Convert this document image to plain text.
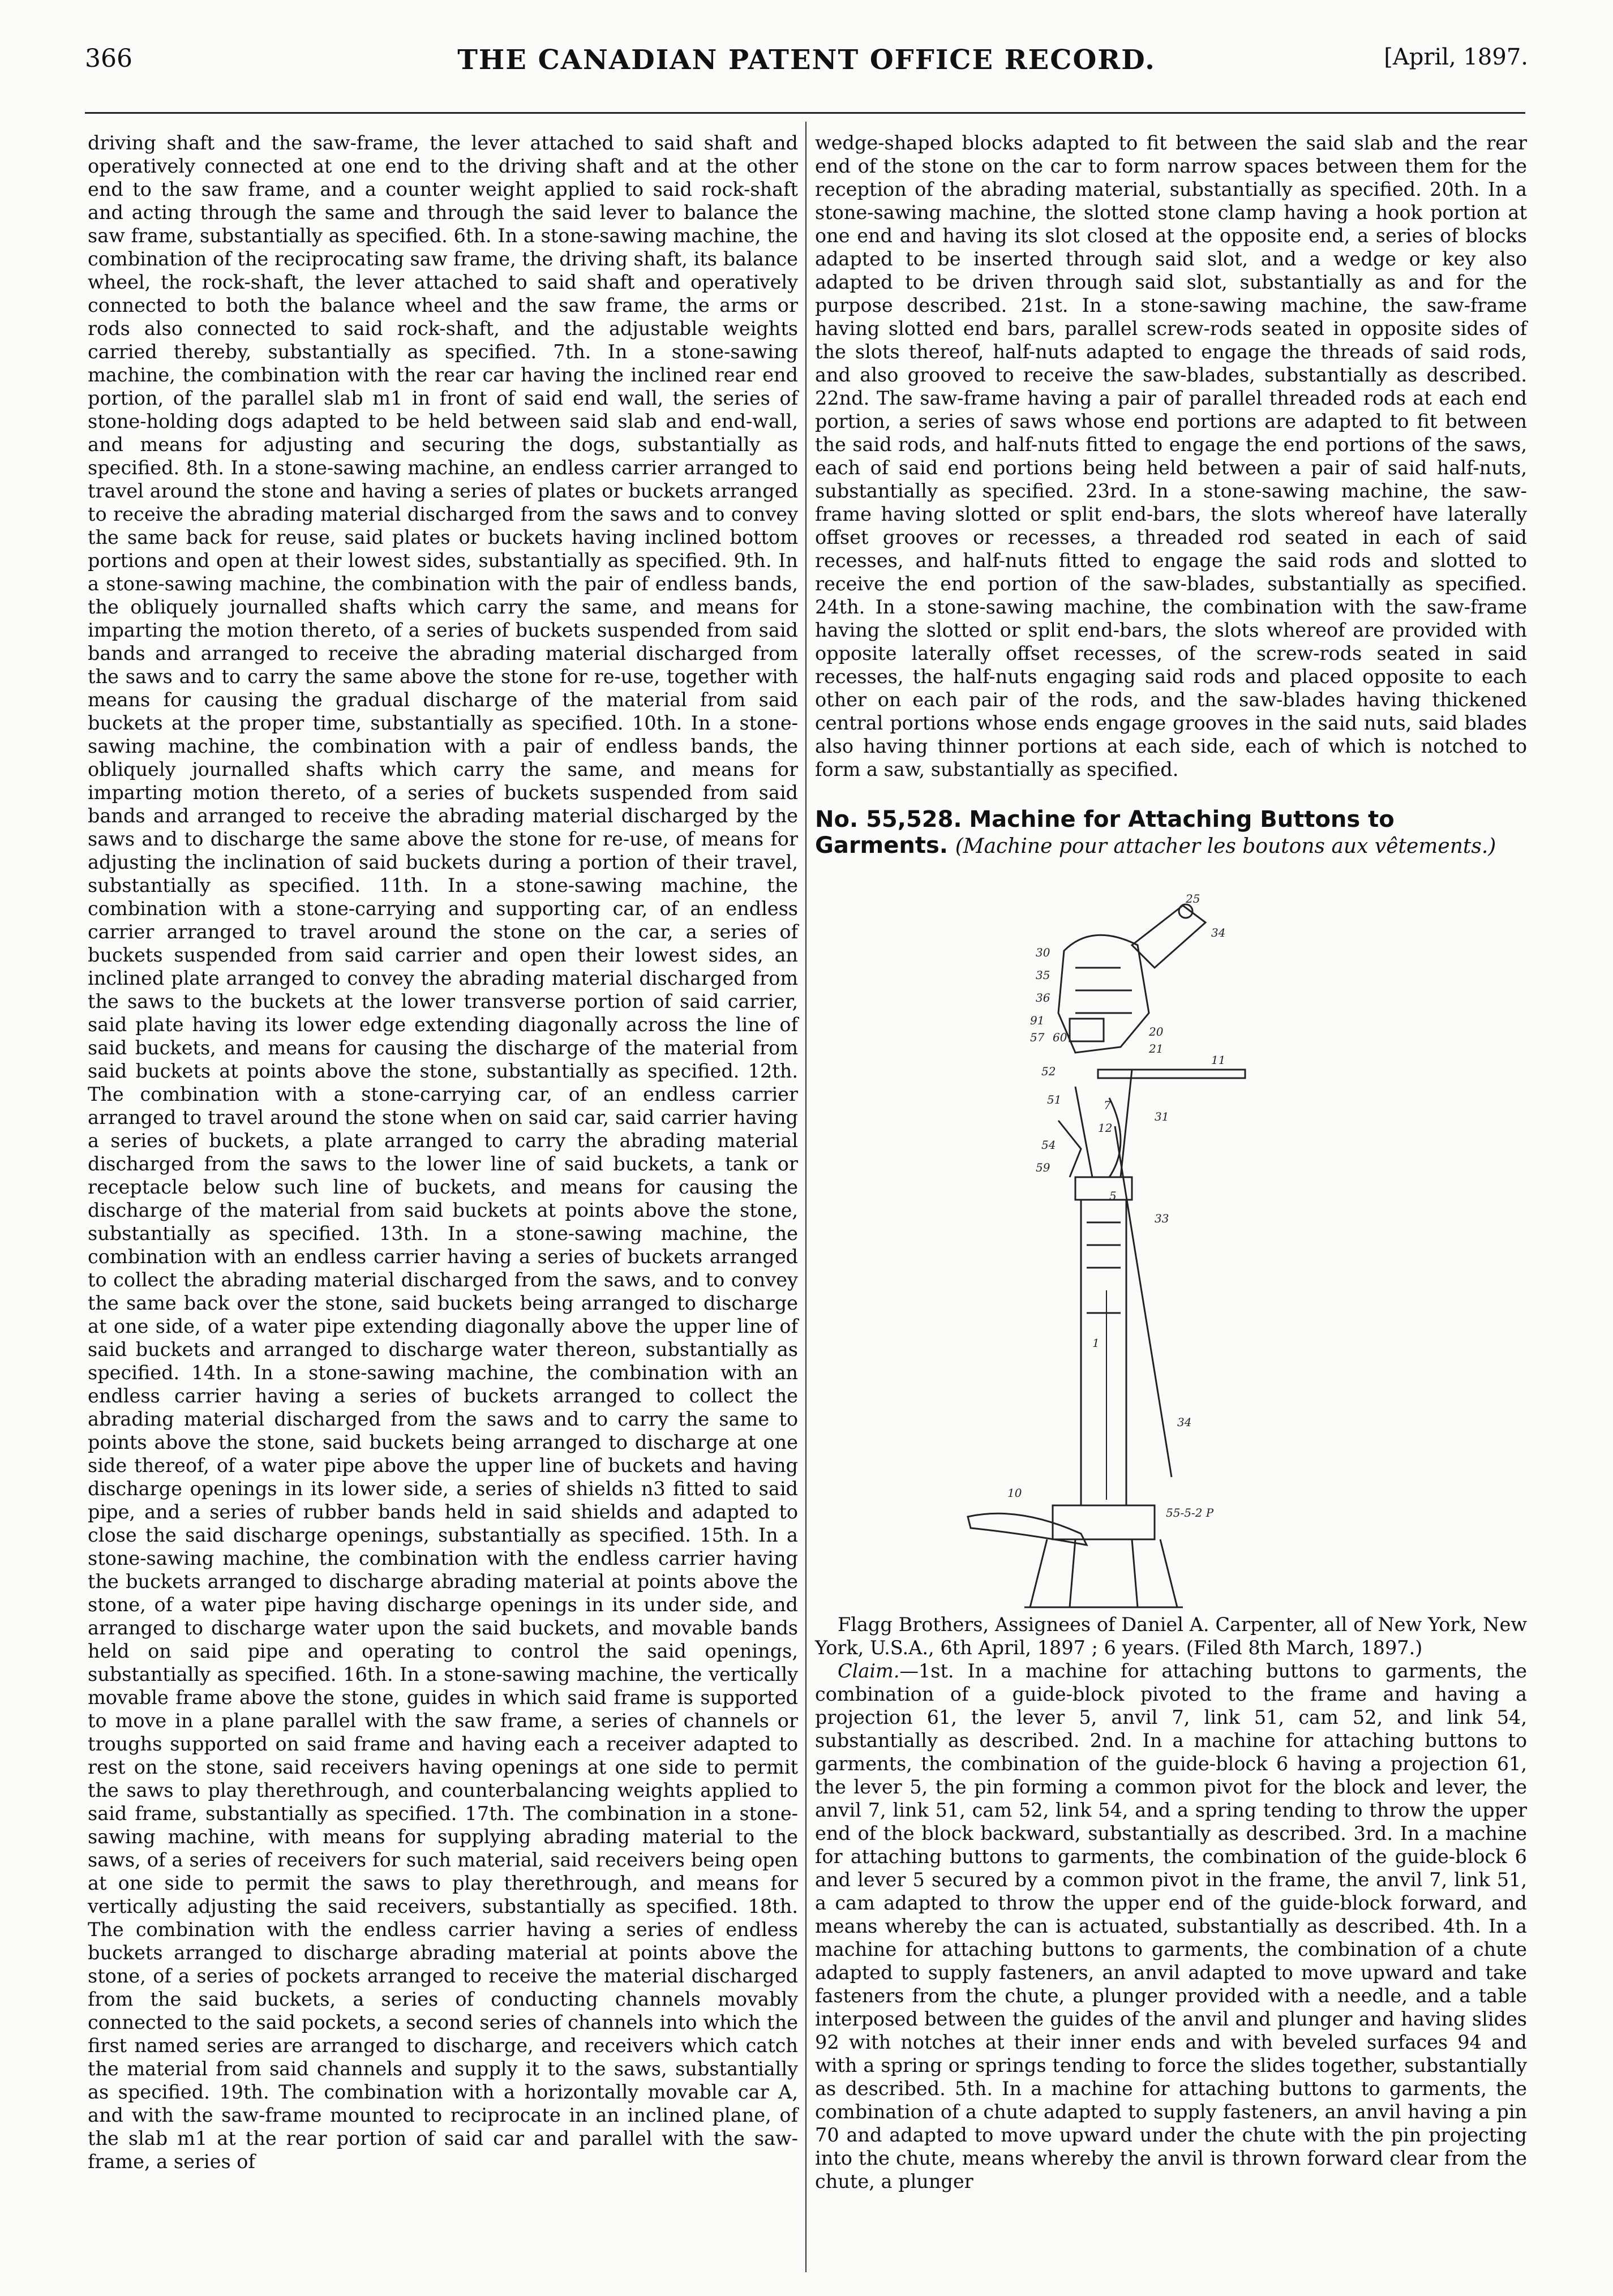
366	THE CANADIAN PATENT OFFICE RECORD.	[April, 1897.

driving shaft and the saw-frame, the lever attached to said shaft and operatively connected at one end to the driving shaft and at the other end to the saw frame, and a counter weight applied to said rock-shaft and acting through the same and through the said lever to balance the saw frame, substantially as specified. 6th. In a stone-sawing machine, the combination of the reciprocating saw frame, the driving shaft, its balance wheel, the rock-shaft, the lever attached to said shaft and operatively connected to both the balance wheel and the saw frame, the arms or rods also connected to said rock-shaft, and the adjustable weights carried thereby, substantially as specified. 7th. In a stone-sawing machine, the combination with the rear car having the inclined rear end portion, of the parallel slab m1 in front of said end wall, the series of stone-holding dogs adapted to be held between said slab and end-wall, and means for adjusting and securing the dogs, substantially as specified. 8th. In a stone-sawing machine, an endless carrier arranged to travel around the stone and having a series of plates or buckets arranged to receive the abrading material discharged from the saws and to convey the same back for reuse, said plates or buckets having inclined bottom portions and open at their lowest sides, substantially as specified. 9th. In a stone-sawing machine, the combination with the pair of endless bands, the obliquely journalled shafts which carry the same, and means for imparting the motion thereto, of a series of buckets suspended from said bands and arranged to receive the abrading material discharged from the saws and to carry the same above the stone for re-use, together with means for causing the gradual discharge of the material from said buckets at the proper time, substantially as specified. 10th. In a stone-sawing machine, the combination with a pair of endless bands, the obliquely journalled shafts which carry the same, and means for imparting motion thereto, of a series of buckets suspended from said bands and arranged to receive the abrading material discharged by the saws and to discharge the same above the stone for re-use, of means for adjusting the inclination of said buckets during a portion of their travel, substantially as specified. 11th. In a stone-sawing machine, the combination with a stone-carrying and supporting car, of an endless carrier arranged to travel around the stone on the car, a series of buckets suspended from said carrier and open their lowest sides, an inclined plate arranged to convey the abrading material discharged from the saws to the buckets at the lower transverse portion of said carrier, said plate having its lower edge extending diagonally across the line of said buckets, and means for causing the discharge of the material from said buckets at points above the stone, substantially as specified. 12th. The combination with a stone-carrying car, of an endless carrier arranged to travel around the stone when on said car, said carrier having a series of buckets, a plate arranged to carry the abrading material discharged from the saws to the lower line of said buckets, a tank or receptacle below such line of buckets, and means for causing the discharge of the material from said buckets at points above the stone, substantially as specified. 13th. In a stone-sawing machine, the combination with an endless carrier having a series of buckets arranged to collect the abrading material discharged from the saws, and to convey the same back over the stone, said buckets being arranged to discharge at one side, of a water pipe extending diagonally above the upper line of said buckets and arranged to discharge water thereon, substantially as specified. 14th. In a stone-sawing machine, the combination with an endless carrier having a series of buckets arranged to collect the abrading material discharged from the saws and to carry the same to points above the stone, said buckets being arranged to discharge at one side thereof, of a water pipe above the upper line of buckets and having discharge openings in its lower side, a series of shields n3 fitted to said pipe, and a series of rubber bands held in said shields and adapted to close the said discharge openings, substantially as specified. 15th. In a stone-sawing machine, the combination with the endless carrier having the buckets arranged to discharge abrading material at points above the stone, of a water pipe having discharge openings in its under side, and arranged to discharge water upon the said buckets, and movable bands held on said pipe and operating to control the said openings, substantially as specified. 16th. In a stone-sawing machine, the vertically movable frame above the stone, guides in which said frame is supported to move in a plane parallel with the saw frame, a series of channels or troughs supported on said frame and having each a receiver adapted to rest on the stone, said receivers having openings at one side to permit the saws to play therethrough, and counterbalancing weights applied to said frame, substantially as specified. 17th. The combination in a stone-sawing machine, with means for supplying abrading material to the saws, of a series of receivers for such material, said receivers being open at one side to permit the saws to play therethrough, and means for vertically adjusting the said receivers, substantially as specified. 18th. The combination with the endless carrier having a series of endless buckets arranged to discharge abrading material at points above the stone, of a series of pockets arranged to receive the material discharged from the said buckets, a series of conducting channels movably connected to the said pockets, a second series of channels into which the first named series are arranged to discharge, and receivers which catch the material from said channels and supply it to the saws, substantially as specified. 19th. The combination with a horizontally movable car A, and with the saw-frame mounted to reciprocate in an inclined plane, of the slab m1 at the rear portion of said car and parallel with the saw-frame, a series of

wedge-shaped blocks adapted to fit between the said slab and the rear end of the stone on the car to form narrow spaces between them for the reception of the abrading material, substantially as specified. 20th. In a stone-sawing machine, the slotted stone clamp having a hook portion at one end and having its slot closed at the opposite end, a series of blocks adapted to be inserted through said slot, and a wedge or key also adapted to be driven through said slot, substantially as and for the purpose described. 21st. In a stone-sawing machine, the saw-frame having slotted end bars, parallel screw-rods seated in opposite sides of the slots thereof, half-nuts adapted to engage the threads of said rods, and also grooved to receive the saw-blades, substantially as described. 22nd. The saw-frame having a pair of parallel threaded rods at each end portion, a series of saws whose end portions are adapted to fit between the said rods, and half-nuts fitted to engage the end portions of the saws, each of said end portions being held between a pair of said half-nuts, substantially as specified. 23rd. In a stone-sawing machine, the saw-frame having slotted or split end-bars, the slots whereof have laterally offset grooves or recesses, a threaded rod seated in each of said recesses, and half-nuts fitted to engage the said rods and slotted to receive the end portion of the saw-blades, substantially as specified. 24th. In a stone-sawing machine, the combination with the saw-frame having the slotted or split end-bars, the slots whereof are provided with opposite laterally offset recesses, of the screw-rods seated in said recesses, the half-nuts engaging said rods and placed opposite to each other on each pair of the rods, and the saw-blades having thickened central portions whose ends engage grooves in the said nuts, said blades also having thinner portions at each side, each of which is notched to form a saw, substantially as specified.

No. 55,528. Machine for Attaching Buttons to Garments. (Machine pour attacher les boutons aux vêtements.)
25
34
30
35
36
91
57 60	20
21
11
52
7
51
31
54
59
5
12
33
34
1
10
55-5-2 P

Flagg Brothers, Assignees of Daniel A. Carpenter, all of New York, New York, U.S.A., 6th April, 1897 ; 6 years. (Filed 8th March, 1897.)

Claim.—1st. In a machine for attaching buttons to garments, the combination of a guide-block pivoted to the frame and having a projection 61, the lever 5, anvil 7, link 51, cam 52, and link 54, substantially as described. 2nd. In a machine for attaching buttons to garments, the combination of the guide-block 6 having a projection 61, the lever 5, the pin forming a common pivot for the block and lever, the anvil 7, link 51, cam 52, link 54, and a spring tending to throw the upper end of the block backward, substantially as described. 3rd. In a machine for attaching buttons to garments, the combination of the guide-block 6 and lever 5 secured by a common pivot in the frame, the anvil 7, link 51, a cam adapted to throw the upper end of the guide-block forward, and means whereby the can is actuated, substantially as described. 4th. In a machine for attaching buttons to garments, the combination of a chute adapted to supply fasteners, an anvil adapted to move upward and take fasteners from the chute, a plunger provided with a needle, and a table interposed between the guides of the anvil and plunger and having slides 92 with notches at their inner ends and with beveled surfaces 94 and with a spring or springs tending to force the slides together, substantially as described. 5th. In a machine for attaching buttons to garments, the combination of a chute adapted to supply fasteners, an anvil having a pin 70 and adapted to move upward under the chute with the pin projecting into the chute, means whereby the anvil is thrown forward clear from the chute, a plunger
